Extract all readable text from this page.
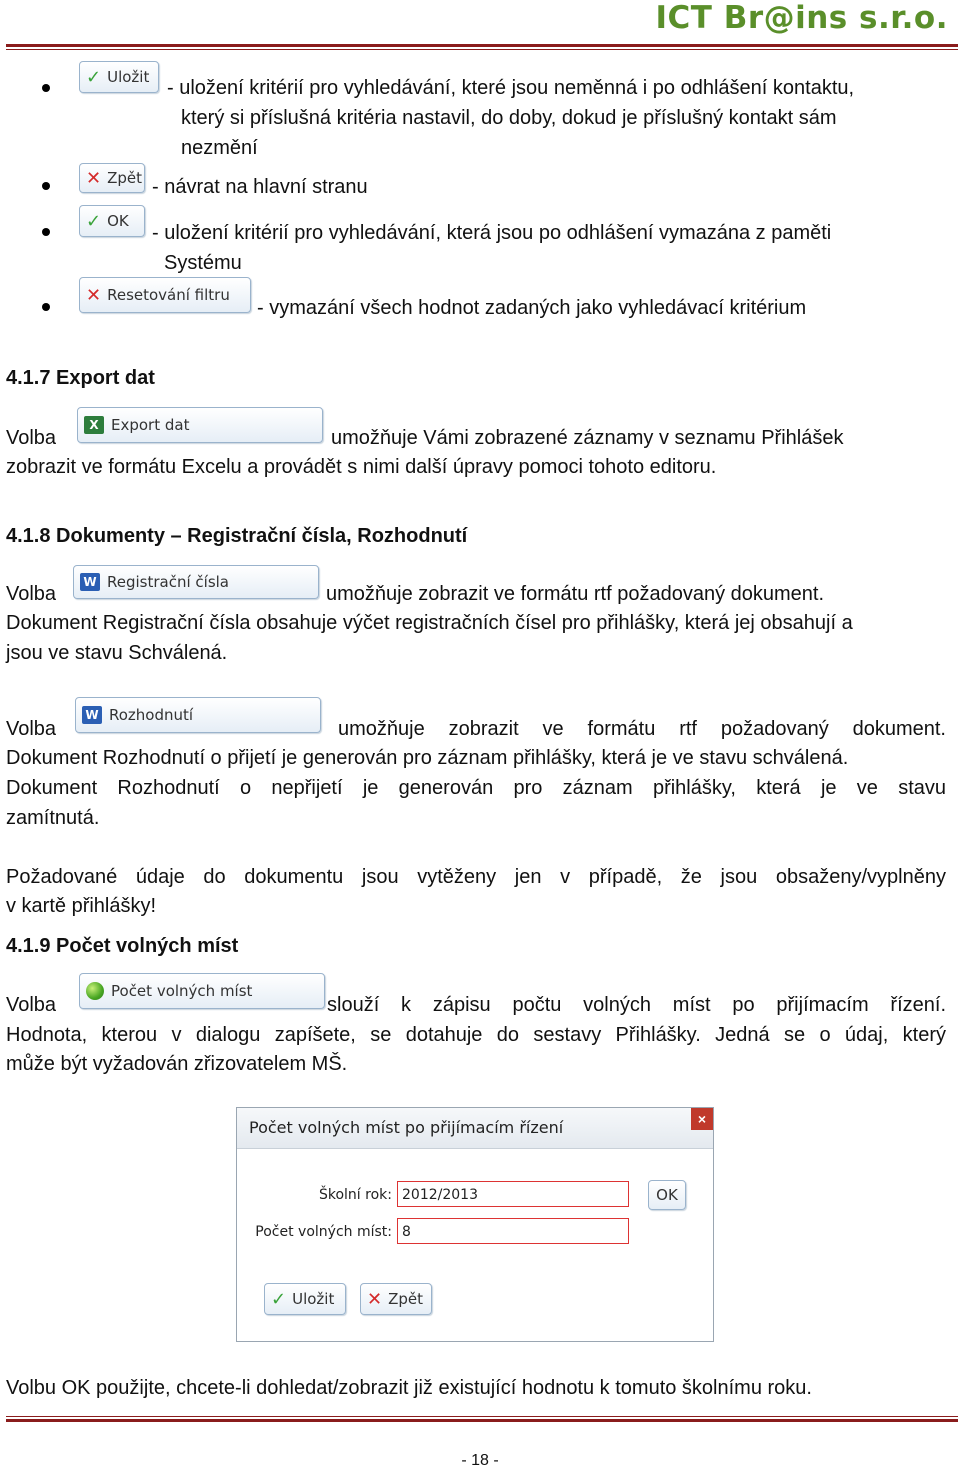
ICT Br@ins s.r.o.
✓ Uložit - uložení kritérií pro vyhledávání, které jsou neměnná i po odhlášení kontaktu,
který si příslušná kritéria nastavil, do doby, dokud je příslušný kontakt sám
nezmění
✕ Zpět - návrat na hlavní stranu
✓ OK
- uložení kritérií pro vyhledávání, která jsou po odhlášení vymazána z paměti
Systému
✕ Resetování filtru
- vymazání všech hodnot zadaných jako vyhledávací kritérium
4.1.7 Export dat
Volba
X Export dat
umožňuje Vámi zobrazené záznamy v seznamu Přihlášek
zobrazit ve formátu Excelu a provádět s nimi další úpravy pomoci tohoto editoru.
4.1.8 Dokumenty – Registrační čísla, Rozhodnutí
Volba
W Registrační čísla
umožňuje zobrazit ve formátu rtf požadovaný dokument.
Dokument Registrační čísla obsahuje výčet registračních čísel pro přihlášky, která jej obsahují a
jsou ve stavu Schválená.
Volba
W Rozhodnutí
umožňuje zobrazit ve formátu rtf požadovaný dokument.
Dokument Rozhodnutí o přijetí je generován pro záznam přihlášky, která je ve stavu schválená.
Dokument Rozhodnutí o nepřijetí je generován pro záznam přihlášky, která je ve stavu
zamítnutá.
Požadované údaje do dokumentu jsou vytěženy jen v případě, že jsou obsaženy/vyplněny
v kartě přihlášky!
4.1.9 Počet volných míst
Volba
Počet volných míst
slouží k zápisu počtu volných míst po přijímacím řízení.
Hodnota, kterou v dialogu zapíšete, se dotahuje do sestavy Přihlášky. Jedná se o údaj, který
může být vyžadován zřizovatelem MŠ.
Počet volných míst po přijímacím řízení	×
Školní rok: 2012/2013
Počet volných míst: 8
OK
✓ Uložit ✕ Zpět
Volbu OK použijte, chcete-li dohledat/zobrazit již existující hodnotu k tomuto školnímu roku.
- 18 -
